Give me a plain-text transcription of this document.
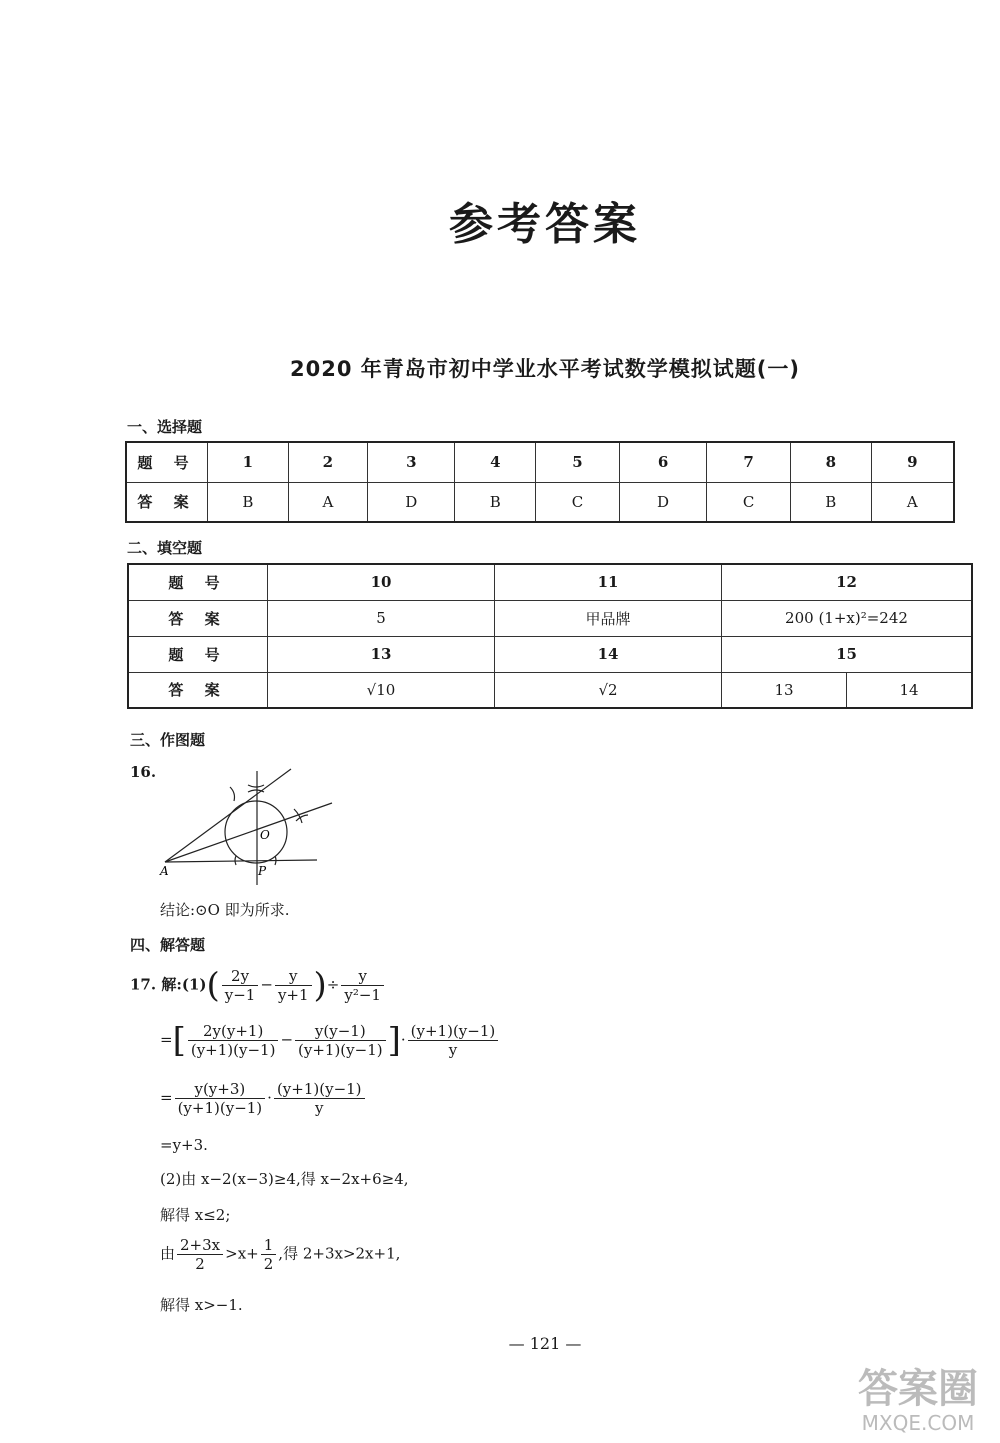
参考答案
2020 年青岛市初中学业水平考试数学模拟试题(一)
一、选择题
题 号	1	2	3	4	5	6	7	8	9
答 案	B	A	D	B	C	D	C	B	A
二、填空题
题 号	10	11	12	
答 案	5	甲品牌	200 (1+x)²=242	
题 号	13	14	15	
答 案	√10	√2	13	14
三、作图题
16.
A	P
O
结论:⊙O 即为所求.
四、解答题
17. 解:(1)( $\frac{2y}{y-1} - \frac{y}{y+1}$ )÷ $\frac{y}{\text{y²−1}}$
=[ $\frac{2y(y+1)}{(y+1)(y-1)} - \frac{y(y-1)}{(y+1)(y-1)}$ ]· $\frac{(y+1)(y-1)}{y}$
= $\frac{y(y+3)}{(y+1)(y-1)} \cdot \frac{(y+1)(y-1)}{y}$
=y+3.
(2)由 x−2(x−3)≥4,得 x−2x+6≥4,
解得 x≤2;
由 $\frac{2+3x}{2} >x+ \frac{1}{2}$ ,得 2+3x>2x+1,
解得 x>−1.
— 121 —
答案圈
MXQE.COM
